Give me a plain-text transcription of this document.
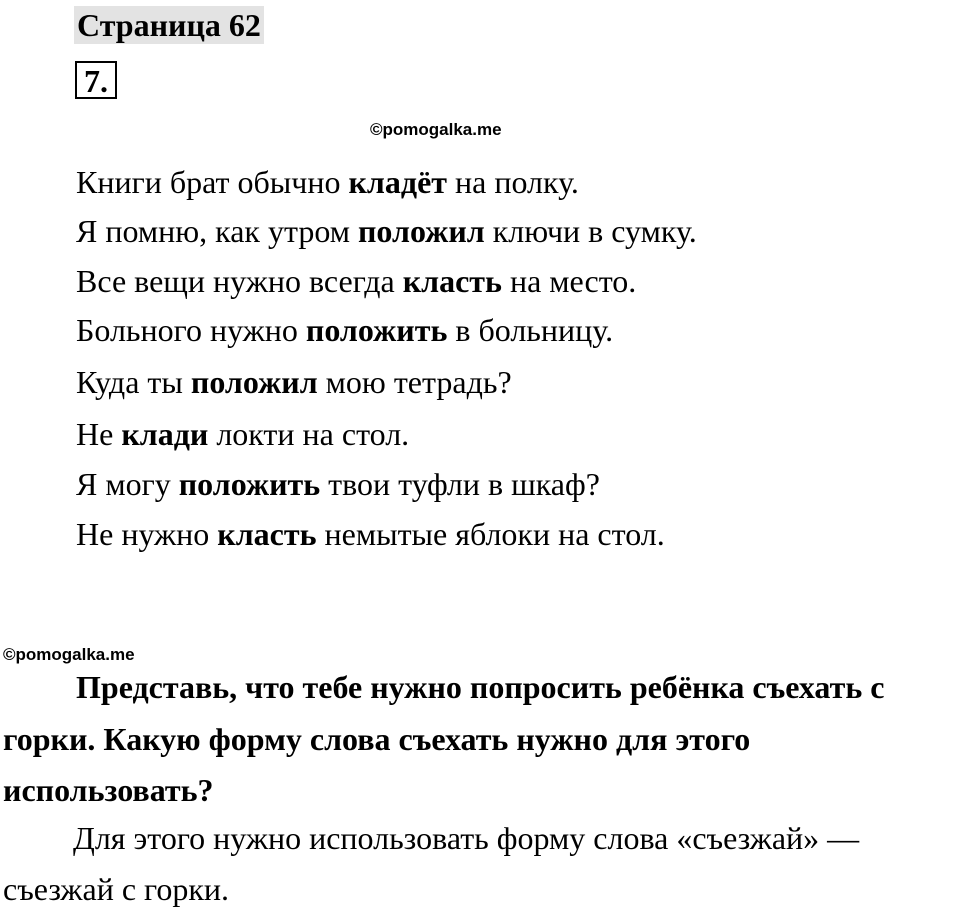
Страница 62
7.
©pomogalka.me
Книги брат обычно кладёт на полку.
Я помню, как утром положил ключи в сумку.
Все вещи нужно всегда класть на место.
Больного нужно положить в больницу.
Куда ты положил мою тетрадь?
Не клади локти на стол.
Я могу положить твои туфли в шкаф?
Не нужно класть немытые яблоки на стол.
©pomogalka.me
Представь, что тебе нужно попросить ребёнка съехать с горки. Какую форму слова съехать нужно для этого использовать?
Для этого нужно использовать форму слова «съезжай» — съезжай с горки.
